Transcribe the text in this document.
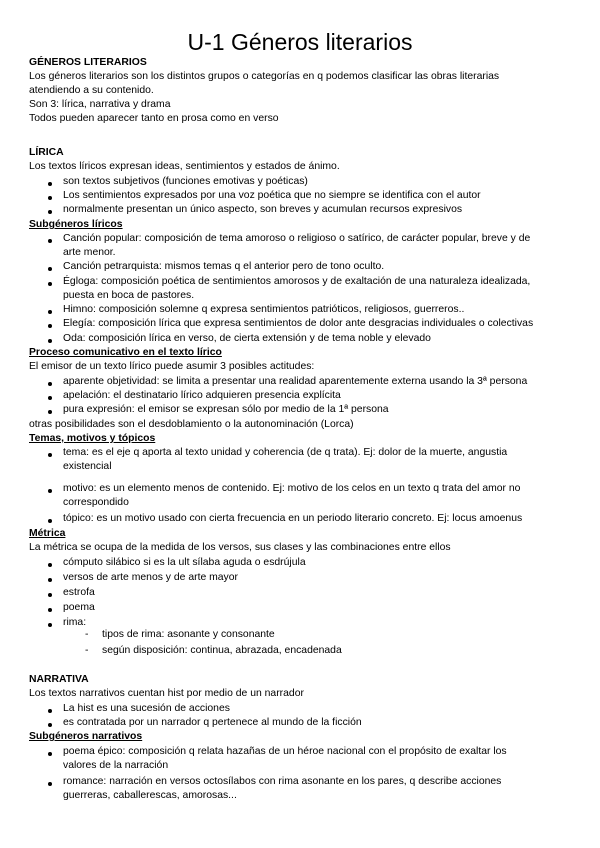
U-1 Géneros literarios
GÉNEROS LITERARIOS
Los géneros literarios son los distintos grupos o categorías en q podemos clasificar las obras literarias
atendiendo a su contenido.
Son 3: lírica, narrativa y drama
Todos pueden aparecer tanto en prosa como en verso
LÍRICA
Los textos líricos expresan ideas, sentimientos y estados de ánimo.
son textos subjetivos (funciones emotivas y poéticas)
Los sentimientos expresados por una voz poética que no siempre se identifica con el autor
normalmente presentan un único aspecto, son breves y acumulan recursos expresivos
Subgéneros líricos
Canción popular: composición de tema amoroso o religioso o satírico, de carácter popular, breve y de
arte menor.
Canción petrarquista: mismos temas q el anterior pero de tono oculto.
Égloga: composición poética de sentimientos amorosos y de exaltación de una naturaleza idealizada,
puesta en boca de pastores.
Himno: composición solemne q expresa sentimientos patrióticos, religiosos, guerreros..
Elegía: composición lírica que expresa sentimientos de dolor ante desgracias individuales o colectivas
Oda: composición lírica en verso, de cierta extensión y de tema noble y elevado
Proceso comunicativo en el texto lírico
El emisor de un texto lírico puede asumir 3 posibles actitudes:
aparente objetividad: se limita a presentar una realidad aparentemente externa usando la 3ª persona
apelación: el destinatario lírico adquieren presencia explícita
pura expresión: el emisor se expresan sólo por medio de la 1ª persona
otras posibilidades son el desdoblamiento o la autonominación (Lorca)
Temas, motivos y tópicos
tema: es el eje q aporta al texto unidad y coherencia (de q trata). Ej: dolor de la muerte, angustia
existencial
motivo: es un elemento menos de contenido. Ej: motivo de los celos en un texto q trata del amor no
correspondido
tópico: es un motivo usado con cierta frecuencia en un periodo literario concreto. Ej: locus amoenus
Métrica
La métrica se ocupa de la medida de los versos, sus clases y las combinaciones entre ellos
cómputo silábico si es la ult sílaba aguda o esdrújula
versos de arte menos y de arte mayor
estrofa
poema
rima:
- tipos de rima: asonante y consonante
- según disposición: continua, abrazada, encadenada
NARRATIVA
Los textos narrativos cuentan hist por medio de un narrador
La hist es una sucesión de acciones
es contratada por un narrador q pertenece al mundo de la ficción
Subgéneros narrativos
poema épico: composición q relata hazañas de un héroe nacional con el propósito de exaltar los
valores de la narración
romance: narración en versos octosílabos con rima asonante en los pares, q describe acciones
guerreras, caballerescas, amorosas...
